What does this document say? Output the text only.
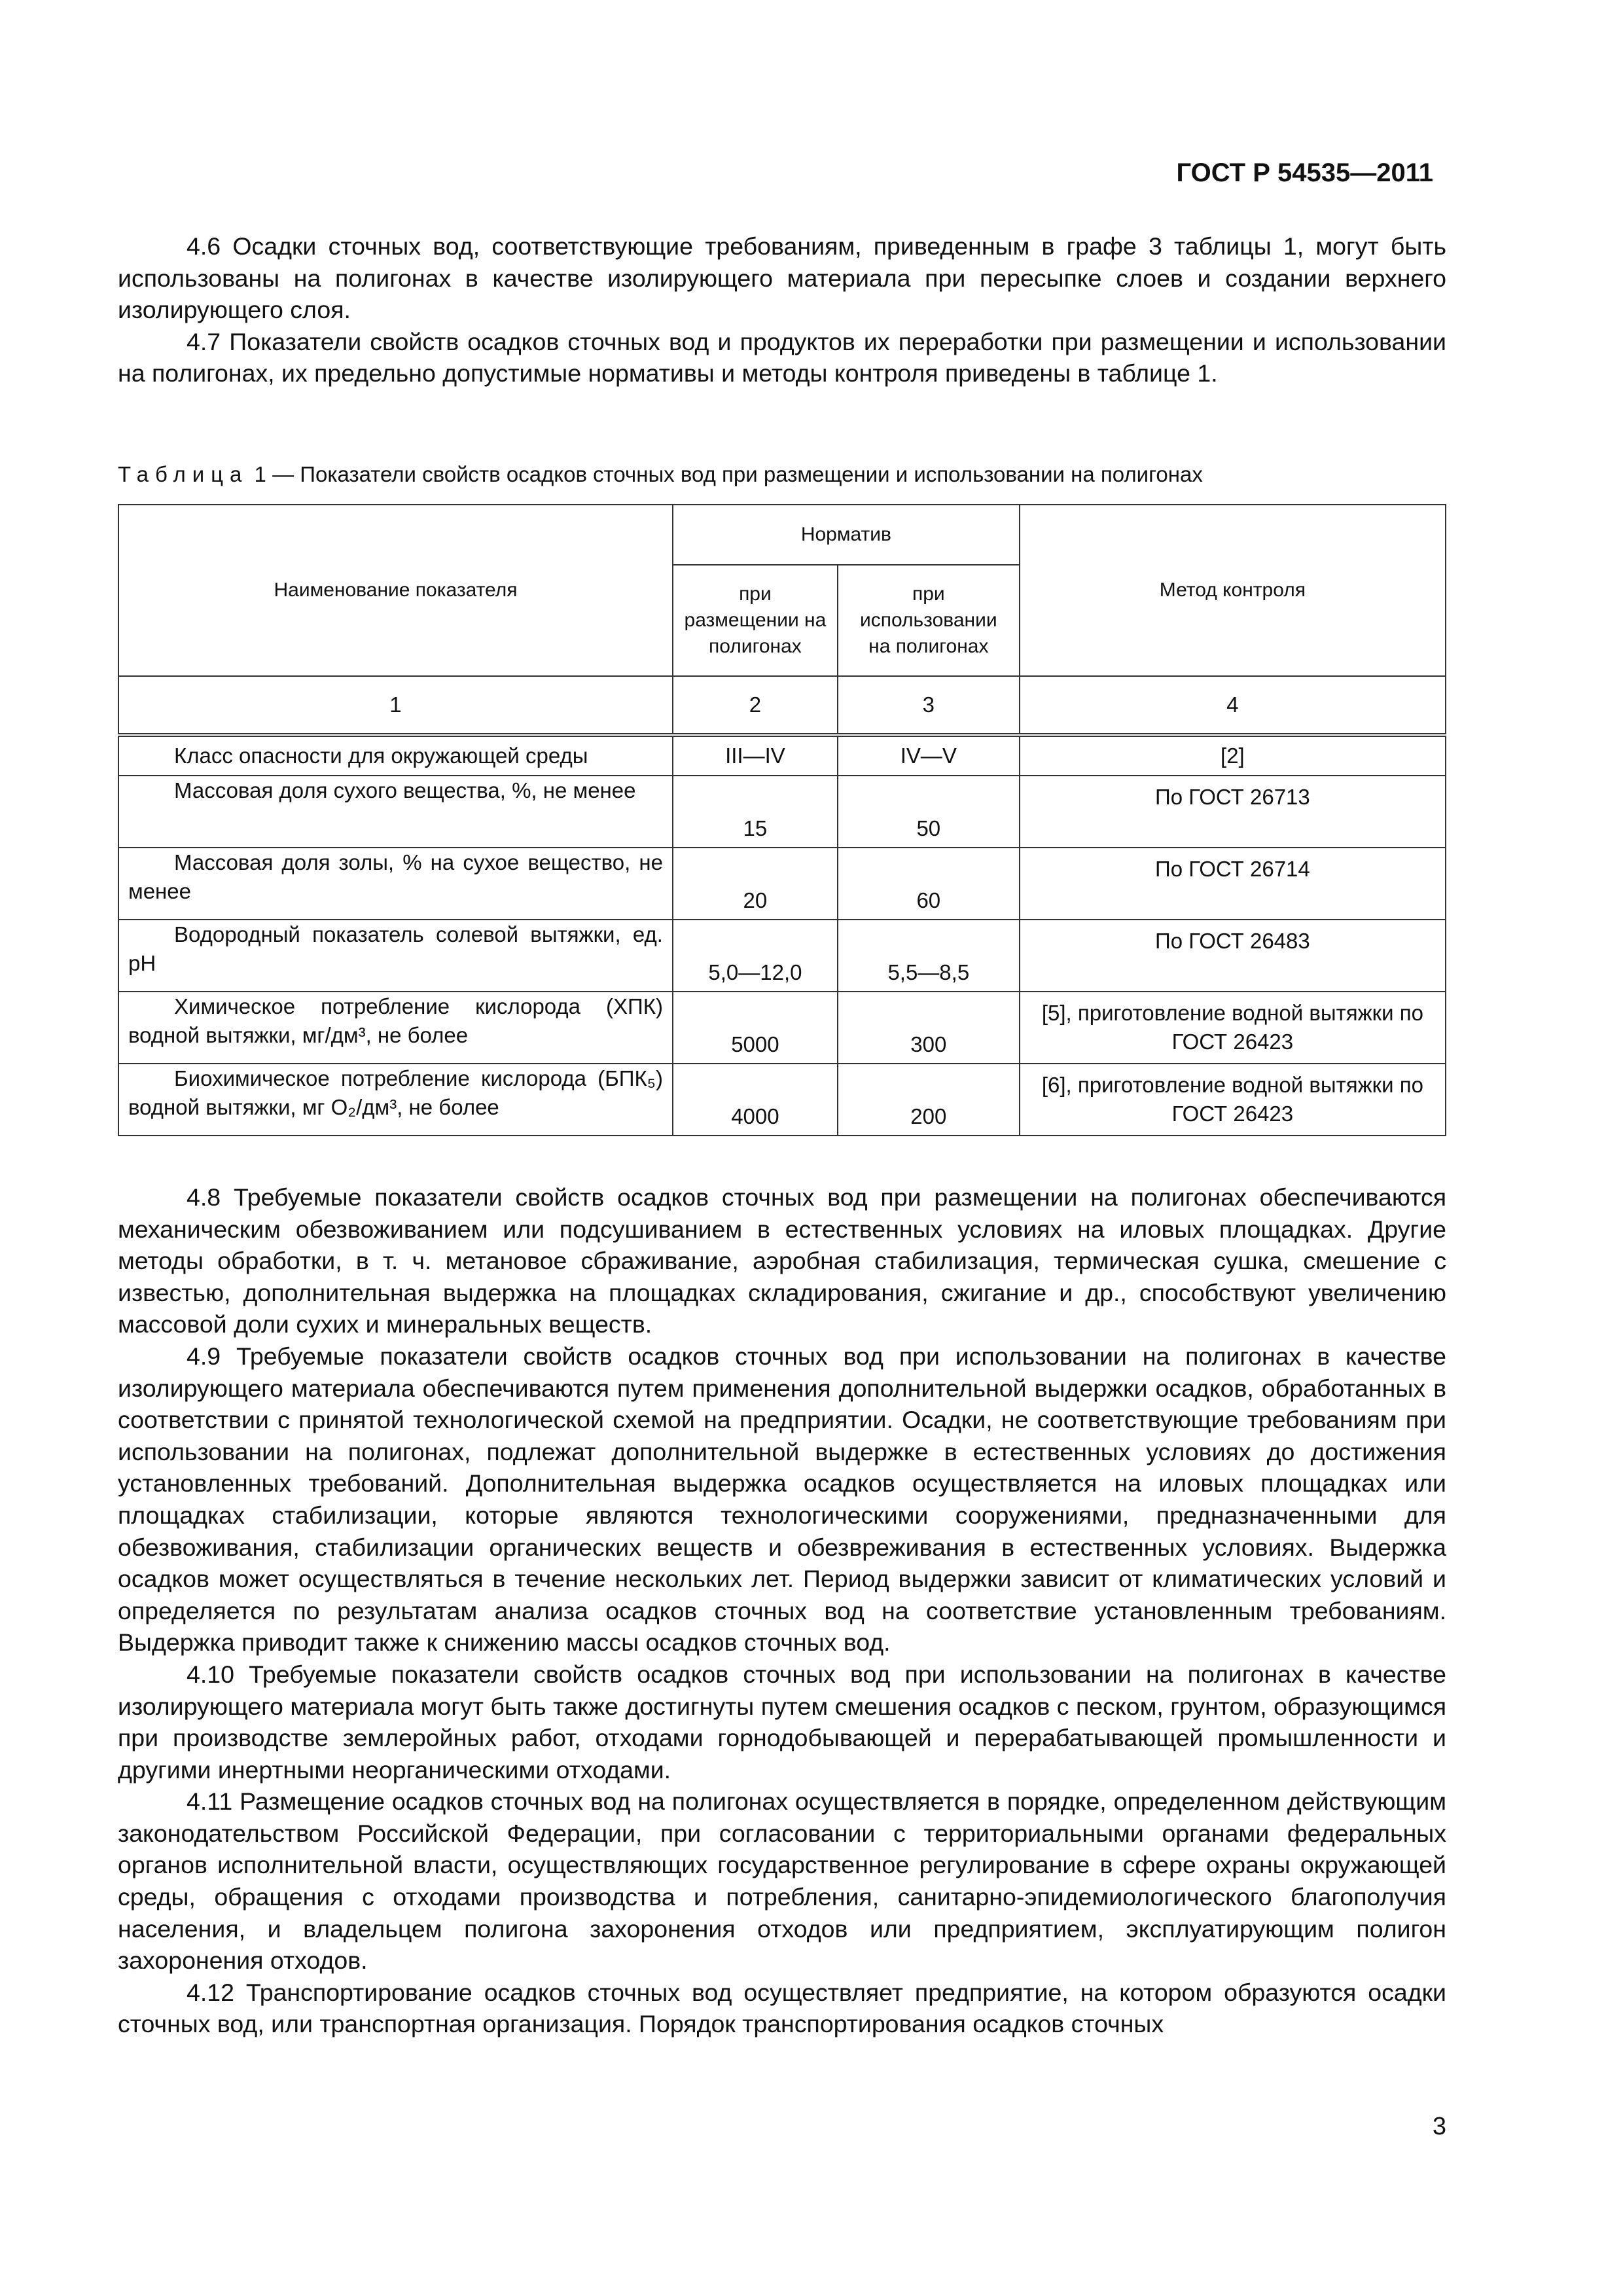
ГОСТ Р 54535—2011

4.6 Осадки сточных вод, соответствующие требованиям, приведенным в графе 3 таблицы 1, могут быть использованы на полигонах в качестве изолирующего материала при пересыпке слоев и создании верхнего изолирующего слоя.

4.7 Показатели свойств осадков сточных вод и продуктов их переработки при размещении и использовании на полигонах, их предельно допустимые нормативы и методы контроля приведены в таблице 1.

Таблица 1 — Показатели свойств осадков сточных вод при размещении и использовании на полигонах
Наименование показателя	Норматив		Метод контроля
	при размещении на полигонах	при использовании на полигонах	
1	2	3	4
Класс опасности для окружающей среды	III—IV	IV—V	[2]
Массовая доля сухого вещества, %, не менее	15	50	По ГОСТ 26713
Массовая доля золы, % на сухое вещество, не менее	20	60	По ГОСТ 26714
Водородный показатель солевой вытяжки, ед. рН	5,0—12,0	5,5—8,5	По ГОСТ 26483
Химическое потребление кислорода (ХПК) водной вытяжки, мг/дм³, не более	5000	300	[5], приготовление водной вытяжки по ГОСТ 26423
Биохимическое потребление кислорода (БПК₅) водной вытяжки, мг O₂/дм³, не более	4000	200	[6], приготовление водной вытяжки по ГОСТ 26423

4.8 Требуемые показатели свойств осадков сточных вод при размещении на полигонах обеспечиваются механическим обезвоживанием или подсушиванием в естественных условиях на иловых площадках. Другие методы обработки, в т. ч. метановое сбраживание, аэробная стабилизация, термическая сушка, смешение с известью, дополнительная выдержка на площадках складирования, сжигание и др., способствуют увеличению массовой доли сухих и минеральных веществ.

4.9 Требуемые показатели свойств осадков сточных вод при использовании на полигонах в качестве изолирующего материала обеспечиваются путем применения дополнительной выдержки осадков, обработанных в соответствии с принятой технологической схемой на предприятии. Осадки, не соответствующие требованиям при использовании на полигонах, подлежат дополнительной выдержке в естественных условиях до достижения установленных требований. Дополнительная выдержка осадков осуществляется на иловых площадках или площадках стабилизации, которые являются технологическими сооружениями, предназначенными для обезвоживания, стабилизации органических веществ и обезвреживания в естественных условиях. Выдержка осадков может осуществляться в течение нескольких лет. Период выдержки зависит от климатических условий и определяется по результатам анализа осадков сточных вод на соответствие установленным требованиям. Выдержка приводит также к снижению массы осадков сточных вод.

4.10 Требуемые показатели свойств осадков сточных вод при использовании на полигонах в качестве изолирующего материала могут быть также достигнуты путем смешения осадков с песком, грунтом, образующимся при производстве землеройных работ, отходами горнодобывающей и перерабатывающей промышленности и другими инертными неорганическими отходами.

4.11 Размещение осадков сточных вод на полигонах осуществляется в порядке, определенном действующим законодательством Российской Федерации, при согласовании с территориальными органами федеральных органов исполнительной власти, осуществляющих государственное регулирование в сфере охраны окружающей среды, обращения с отходами производства и потребления, санитарно-эпидемиологического благополучия населения, и владельцем полигона захоронения отходов или предприятием, эксплуатирующим полигон захоронения отходов.

4.12 Транспортирование осадков сточных вод осуществляет предприятие, на котором образуются осадки сточных вод, или транспортная организация. Порядок транспортирования осадков сточных

3
